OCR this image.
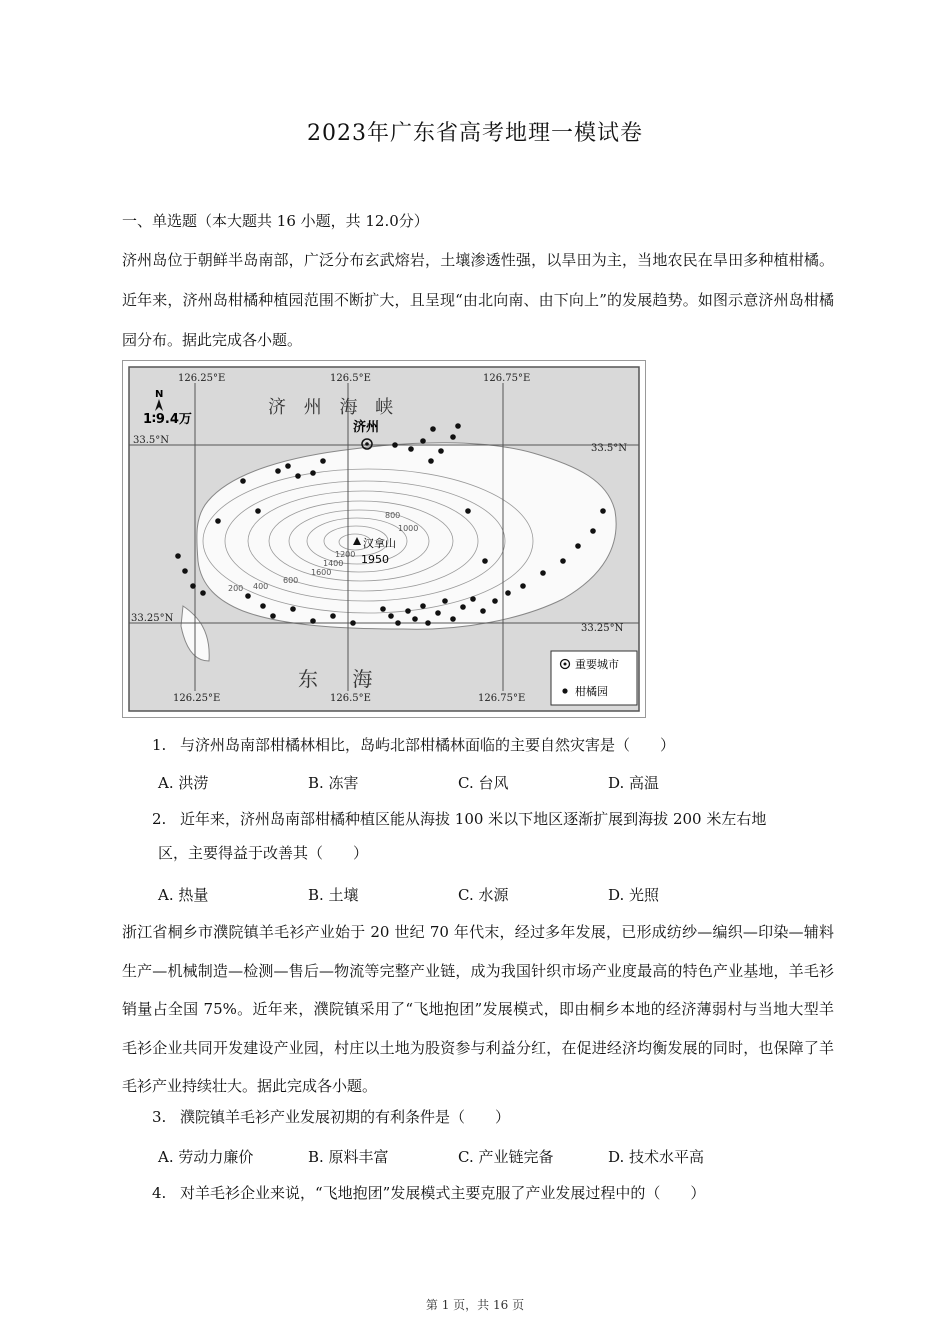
2023年广东省高考地理一模试卷
一、单选题（本大题共 16 小题，共 12.0分）
济州岛位于朝鲜半岛南部，广泛分布玄武熔岩，土壤渗透性强，以旱田为主，当地农民在旱田多种植柑橘。近年来，济州岛柑橘种植园范围不断扩大，且呈现“由北向南、由下向上”的发展趋势。如图示意济州岛柑橘园分布。据此完成各小题。
济州
汉拿山
1950
800
1000
1200
1400
1600
600
400
200
126.25°E	126.5°E	126.75°E
126.25°E	126.5°E	126.75°E
33.5°N
33.5°N
33.25°N
33.25°N
N
1∶9.4万
济 州 海 峡
东 海
重要城市
柑橘园
1. 与济州岛南部柑橘林相比，岛屿北部柑橘林面临的主要自然灾害是（　　）
A. 洪涝	B. 冻害	C. 台风	D. 高温
2. 近年来，济州岛南部柑橘种植区能从海拔 100 米以下地区逐渐扩展到海拔 200 米左右地
区，主要得益于改善其（　　）
A. 热量	B. 土壤	C. 水源	D. 光照
浙江省桐乡市濮院镇羊毛衫产业始于 20 世纪 70 年代末，经过多年发展，已形成纺纱—编织—印染—辅料生产—机械制造—检测—售后—物流等完整产业链，成为我国针织市场产业度最高的特色产业基地，羊毛衫销量占全国 75%。近年来，濮院镇采用了“飞地抱团”发展模式，即由桐乡本地的经济薄弱村与当地大型羊毛衫企业共同开发建设产业园，村庄以土地为股资参与利益分红，在促进经济均衡发展的同时，也保障了羊毛衫产业持续壮大。据此完成各小题。
3. 濮院镇羊毛衫产业发展初期的有利条件是（　　）
A. 劳动力廉价	B. 原料丰富	C. 产业链完备	D. 技术水平高
4. 对羊毛衫企业来说，“飞地抱团”发展模式主要克服了产业发展过程中的（　　）
第 1 页，共 16 页
